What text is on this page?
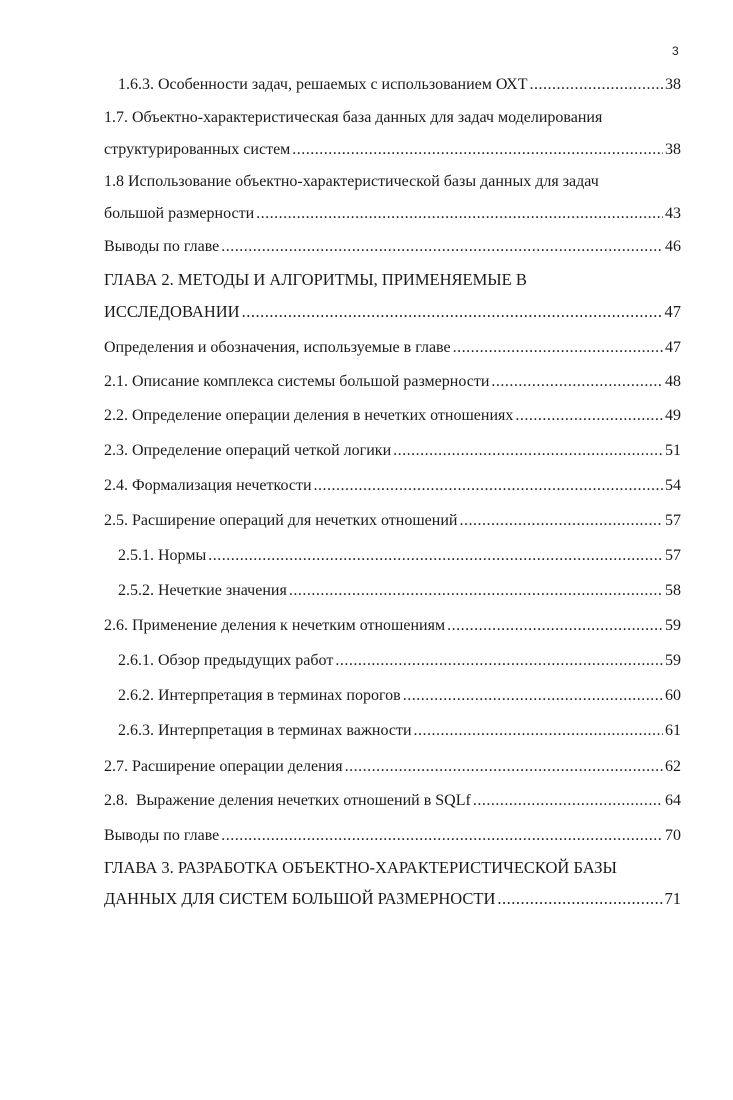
3
1.6.3. Особенности задач, решаемых с использованием ОХТ .....	38
1.7. Объектно-характеристическая база данных для задач моделирования
структурированных систем .....	38
1.8 Использование объектно-характеристической базы данных для задач
большой размерности .....	43
Выводы по главе .....	46
ГЛАВА 2. МЕТОДЫ И АЛГОРИТМЫ, ПРИМЕНЯЕМЫЕ В
ИССЛЕДОВАНИИ .....	47
Определения и обозначения, используемые в главе .....	47
2.1. Описание комплекса системы большой размерности .....	48
2.2. Определение операции деления в нечетких отношениях .....	49
2.3. Определение операций четкой логики .....	51
2.4. Формализация нечеткости .....	54
2.5. Расширение операций для нечетких отношений .....	57
2.5.1. Нормы .....	57
2.5.2. Нечеткие значения .....	58
2.6. Применение деления к нечетким отношениям .....	59
2.6.1. Обзор предыдущих работ .....	59
2.6.2. Интерпретация в терминах порогов .....	60
2.6.3. Интерпретация в терминах важности .....	61
2.7. Расширение операции деления .....	62
2.8.  Выражение деления нечетких отношений в SQLf .....	64
Выводы по главе .....	70
ГЛАВА 3. РАЗРАБОТКА ОБЪЕКТНО-ХАРАКТЕРИСТИЧЕСКОЙ БАЗЫ
ДАННЫХ ДЛЯ СИСТЕМ БОЛЬШОЙ РАЗМЕРНОСТИ .....	71
